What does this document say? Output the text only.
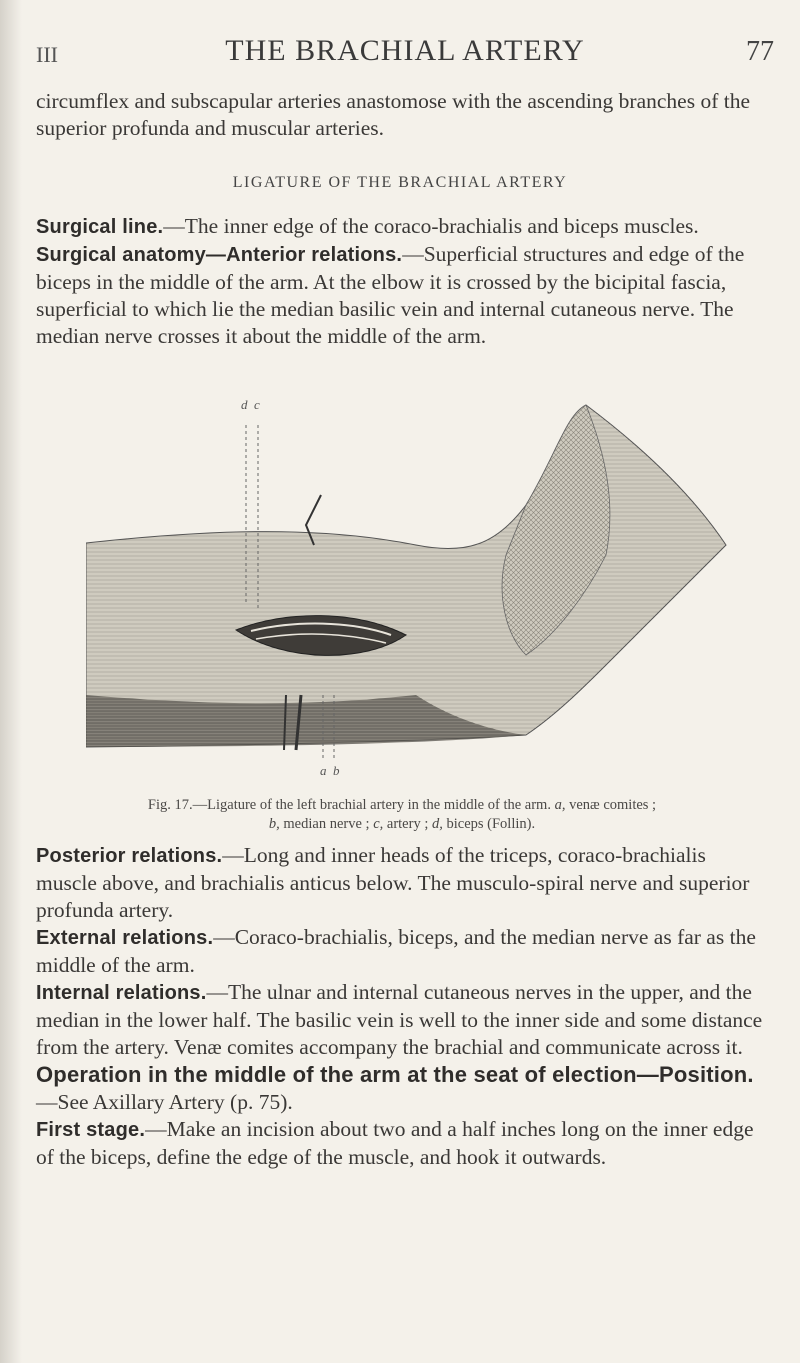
III	THE BRACHIAL ARTERY	77

circumflex and subscapular arteries anastomose with the ascending branches of the superior profunda and muscular arteries.

LIGATURE OF THE BRACHIAL ARTERY

Surgical line.—The inner edge of the coraco-brachialis and biceps muscles.

Surgical anatomy—Anterior relations.—Superficial structures and edge of the biceps in the middle of the arm. At the elbow it is crossed by the bicipital fascia, superficial to which lie the median basilic vein and internal cutaneous nerve. The median nerve crosses it about the middle of the arm.

d c
a b
Fig. 17.—Ligature of the left brachial artery in the middle of the arm. a, venæ comites ;
b, median nerve ; c, artery ; d, biceps (Follin).

Posterior relations.—Long and inner heads of the triceps, coraco-brachialis muscle above, and brachialis anticus below. The musculo-spiral nerve and superior profunda artery.

External relations.—Coraco-brachialis, biceps, and the median nerve as far as the middle of the arm.

Internal relations.—The ulnar and internal cutaneous nerves in the upper, and the median in the lower half. The basilic vein is well to the inner side and some distance from the artery. Venæ comites accompany the brachial and communicate across it.

Operation in the middle of the arm at the seat of election—Position.—See Axillary Artery (p. 75).

First stage.—Make an incision about two and a half inches long on the inner edge of the biceps, define the edge of the muscle, and hook it outwards.
